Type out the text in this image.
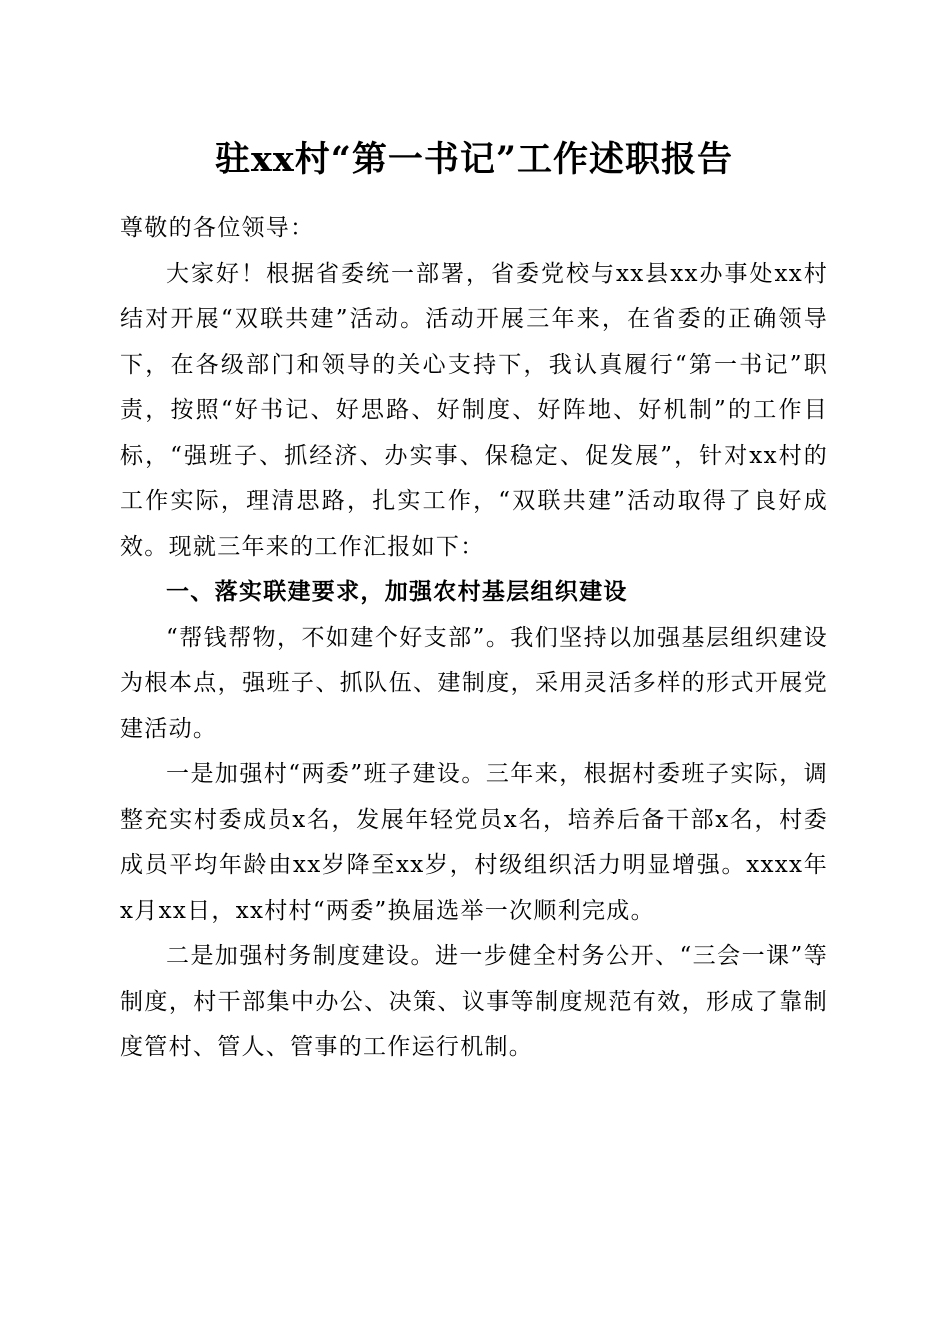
驻xx村“第一书记”工作述职报告

尊敬的各位领导：

大家好！根据省委统一部署，省委党校与xx县xx办事处xx村结对开展“双联共建”活动。活动开展三年来，在省委的正确领导下，在各级部门和领导的关心支持下，我认真履行“第一书记”职责，按照“好书记、好思路、好制度、好阵地、好机制”的工作目标，“强班子、抓经济、办实事、保稳定、促发展”，针对xx村的工作实际，理清思路，扎实工作，“双联共建”活动取得了良好成效。现就三年来的工作汇报如下：

一、落实联建要求，加强农村基层组织建设

“帮钱帮物，不如建个好支部”。我们坚持以加强基层组织建设为根本点，强班子、抓队伍、建制度，采用灵活多样的形式开展党建活动。

一是加强村“两委”班子建设。三年来，根据村委班子实际，调整充实村委成员x名，发展年轻党员x名，培养后备干部x名，村委成员平均年龄由xx岁降至xx岁，村级组织活力明显增强。xxxx年x月xx日，xx村村“两委”换届选举一次顺利完成。

二是加强村务制度建设。进一步健全村务公开、“三会一课”等制度，村干部集中办公、决策、议事等制度规范有效，形成了靠制度管村、管人、管事的工作运行机制。
